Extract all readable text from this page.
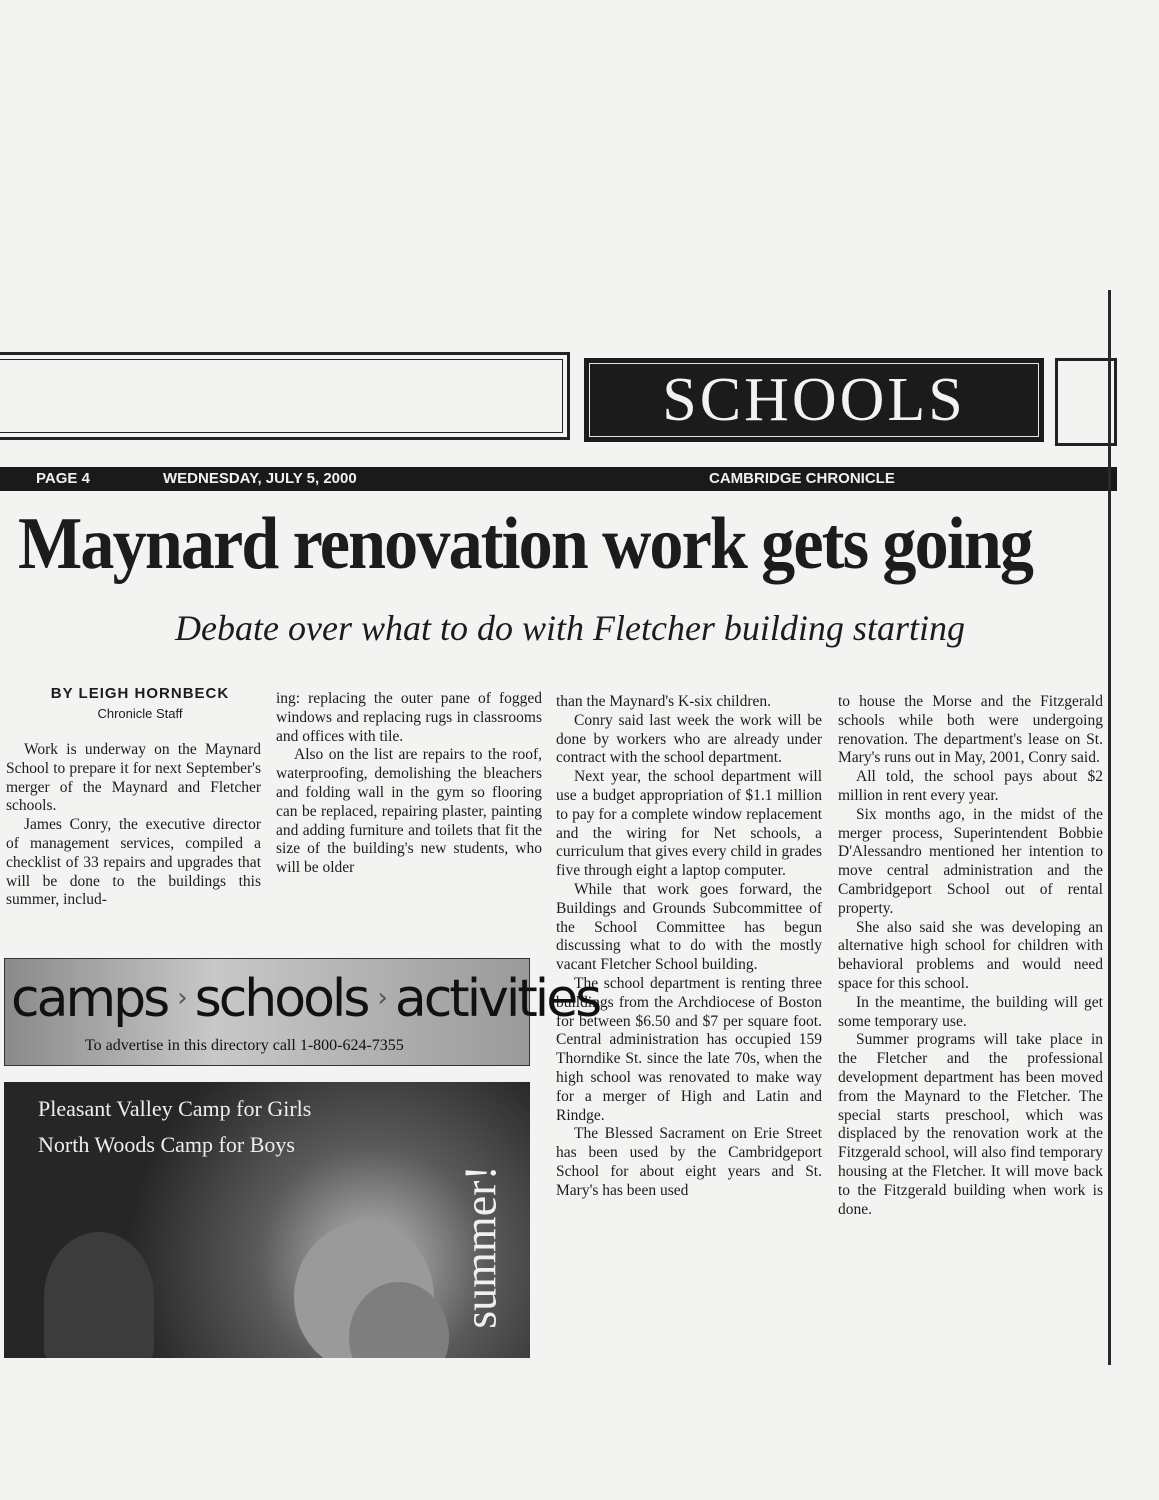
SCHOOLS
PAGE 4	WEDNESDAY, JULY 5, 2000	CAMBRIDGE CHRONICLE
Maynard renovation work gets going
Debate over what to do with Fletcher building starting
BY LEIGH HORNBECK
Chronicle Staff

Work is underway on the Maynard School to prepare it for next September's merger of the Maynard and Fletcher schools.

James Conry, the executive director of management services, compiled a checklist of 33 repairs and upgrades that will be done to the buildings this summer, includ-

ing: replacing the outer pane of fogged windows and replacing rugs in classrooms and offices with tile.

Also on the list are repairs to the roof, waterproofing, demolishing the bleachers and folding wall in the gym so flooring can be replaced, repairing plaster, painting and adding furniture and toilets that fit the size of the building's new students, who will be older

than the Maynard's K-six children.

Conry said last week the work will be done by workers who are already under contract with the school department.

Next year, the school department will use a budget appropriation of $1.1 million to pay for a complete window replacement and the wiring for Net schools, a curriculum that gives every child in grades five through eight a laptop computer.

While that work goes forward, the Buildings and Grounds Subcommittee of the School Committee has begun discussing what to do with the mostly vacant Fletcher School building.

The school department is renting three buildings from the Archdiocese of Boston for between $6.50 and $7 per square foot. Central administration has occupied 159 Thorndike St. since the late 70s, when the high school was renovated to make way for a merger of High and Latin and Rindge.

The Blessed Sacrament on Erie Street has been used by the Cambridgeport School for about eight years and St. Mary's has been used

to house the Morse and the Fitzgerald schools while both were undergoing renovation. The department's lease on St. Mary's runs out in May, 2001, Conry said.

All told, the school pays about $2 million in rent every year.

Six months ago, in the midst of the merger process, Superintendent Bobbie D'Alessandro mentioned her intention to move central administration and the Cambridgeport School out of rental property.

She also said she was developing an alternative high school for children with behavioral problems and would need space for this school.

In the meantime, the building will get some temporary use.

Summer programs will take place in the Fletcher and the professional development department has been moved from the Maynard to the Fletcher. The special starts preschool, which was displaced by the renovation work at the Fitzgerald school, will also find temporary housing at the Fletcher. It will move back to the Fitzgerald building when work is done.

camps › schools › activities
To advertise in this directory call 1-800-624-7355
Pleasant Valley Camp for Girls
North Woods Camp for Boys
summer!
